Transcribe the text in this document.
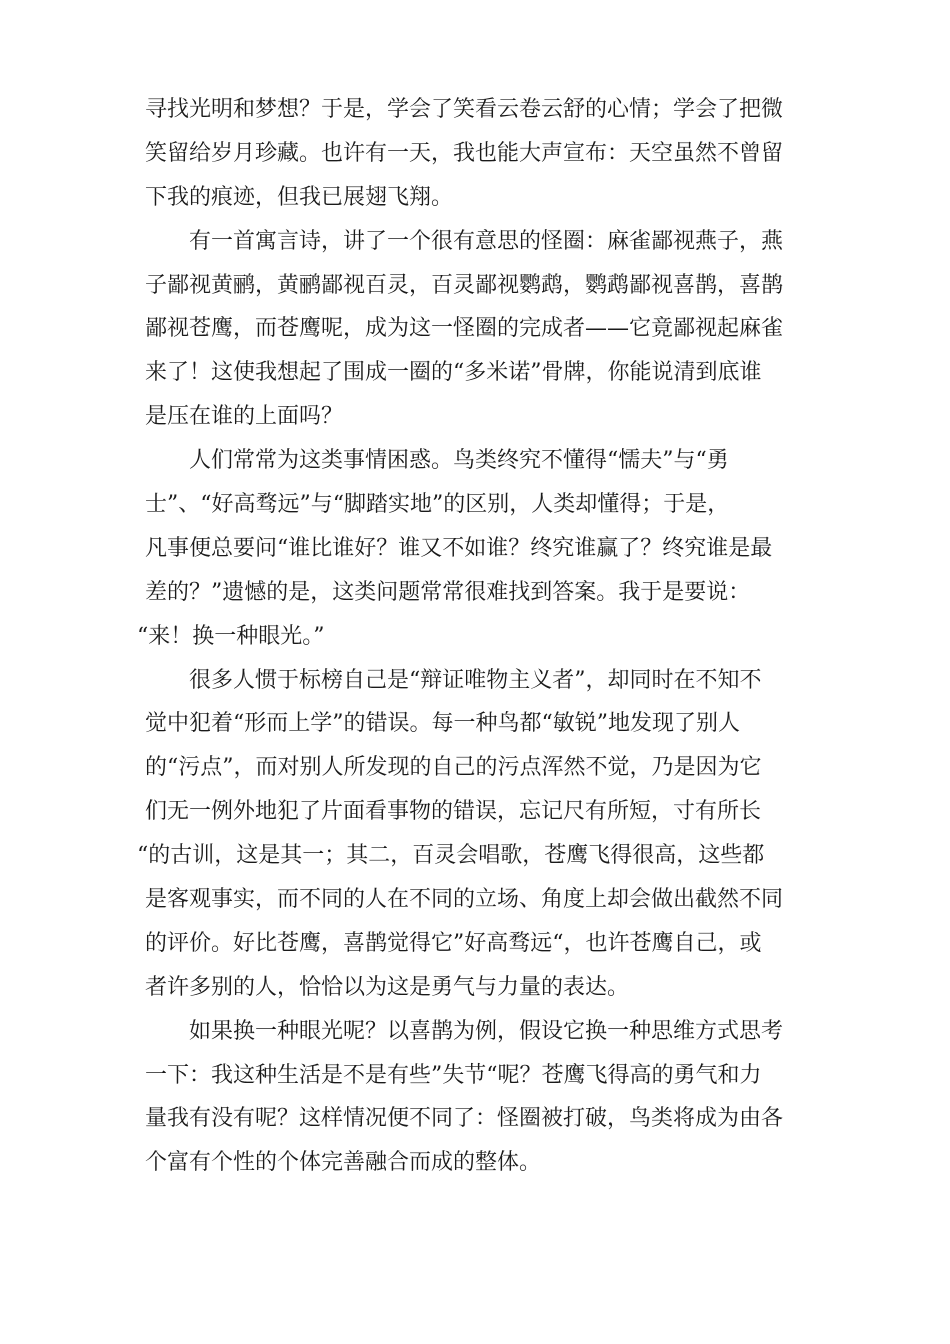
寻找光明和梦想？于是，学会了笑看云卷云舒的心情；学会了把微
笑留给岁月珍藏。也许有一天，我也能大声宣布：天空虽然不曾留
下我的痕迹，但我已展翅飞翔。
有一首寓言诗，讲了一个很有意思的怪圈：麻雀鄙视燕子，燕
子鄙视黄鹂，黄鹂鄙视百灵，百灵鄙视鹦鹉，鹦鹉鄙视喜鹊，喜鹊
鄙视苍鹰，而苍鹰呢，成为这一怪圈的完成者——它竟鄙视起麻雀
来了！这使我想起了围成一圈的“多米诺”骨牌，你能说清到底谁
是压在谁的上面吗？
人们常常为这类事情困惑。鸟类终究不懂得“懦夫”与“勇
士”、“好高骛远”与“脚踏实地”的区别，人类却懂得；于是，
凡事便总要问“谁比谁好？谁又不如谁？终究谁赢了？终究谁是最
差的？”遗憾的是，这类问题常常很难找到答案。我于是要说：
“来！换一种眼光。”
很多人惯于标榜自己是“辩证唯物主义者”，却同时在不知不
觉中犯着“形而上学”的错误。每一种鸟都“敏锐”地发现了别人
的“污点”，而对别人所发现的自己的污点浑然不觉，乃是因为它
们无一例外地犯了片面看事物的错误，忘记尺有所短，寸有所长
“的古训，这是其一；其二，百灵会唱歌，苍鹰飞得很高，这些都
是客观事实，而不同的人在不同的立场、角度上却会做出截然不同
的评价。好比苍鹰，喜鹊觉得它”好高骛远“，也许苍鹰自己，或
者许多别的人，恰恰以为这是勇气与力量的表达。
如果换一种眼光呢？以喜鹊为例，假设它换一种思维方式思考
一下：我这种生活是不是有些”失节“呢？苍鹰飞得高的勇气和力
量我有没有呢？这样情况便不同了：怪圈被打破，鸟类将成为由各
个富有个性的个体完善融合而成的整体。
